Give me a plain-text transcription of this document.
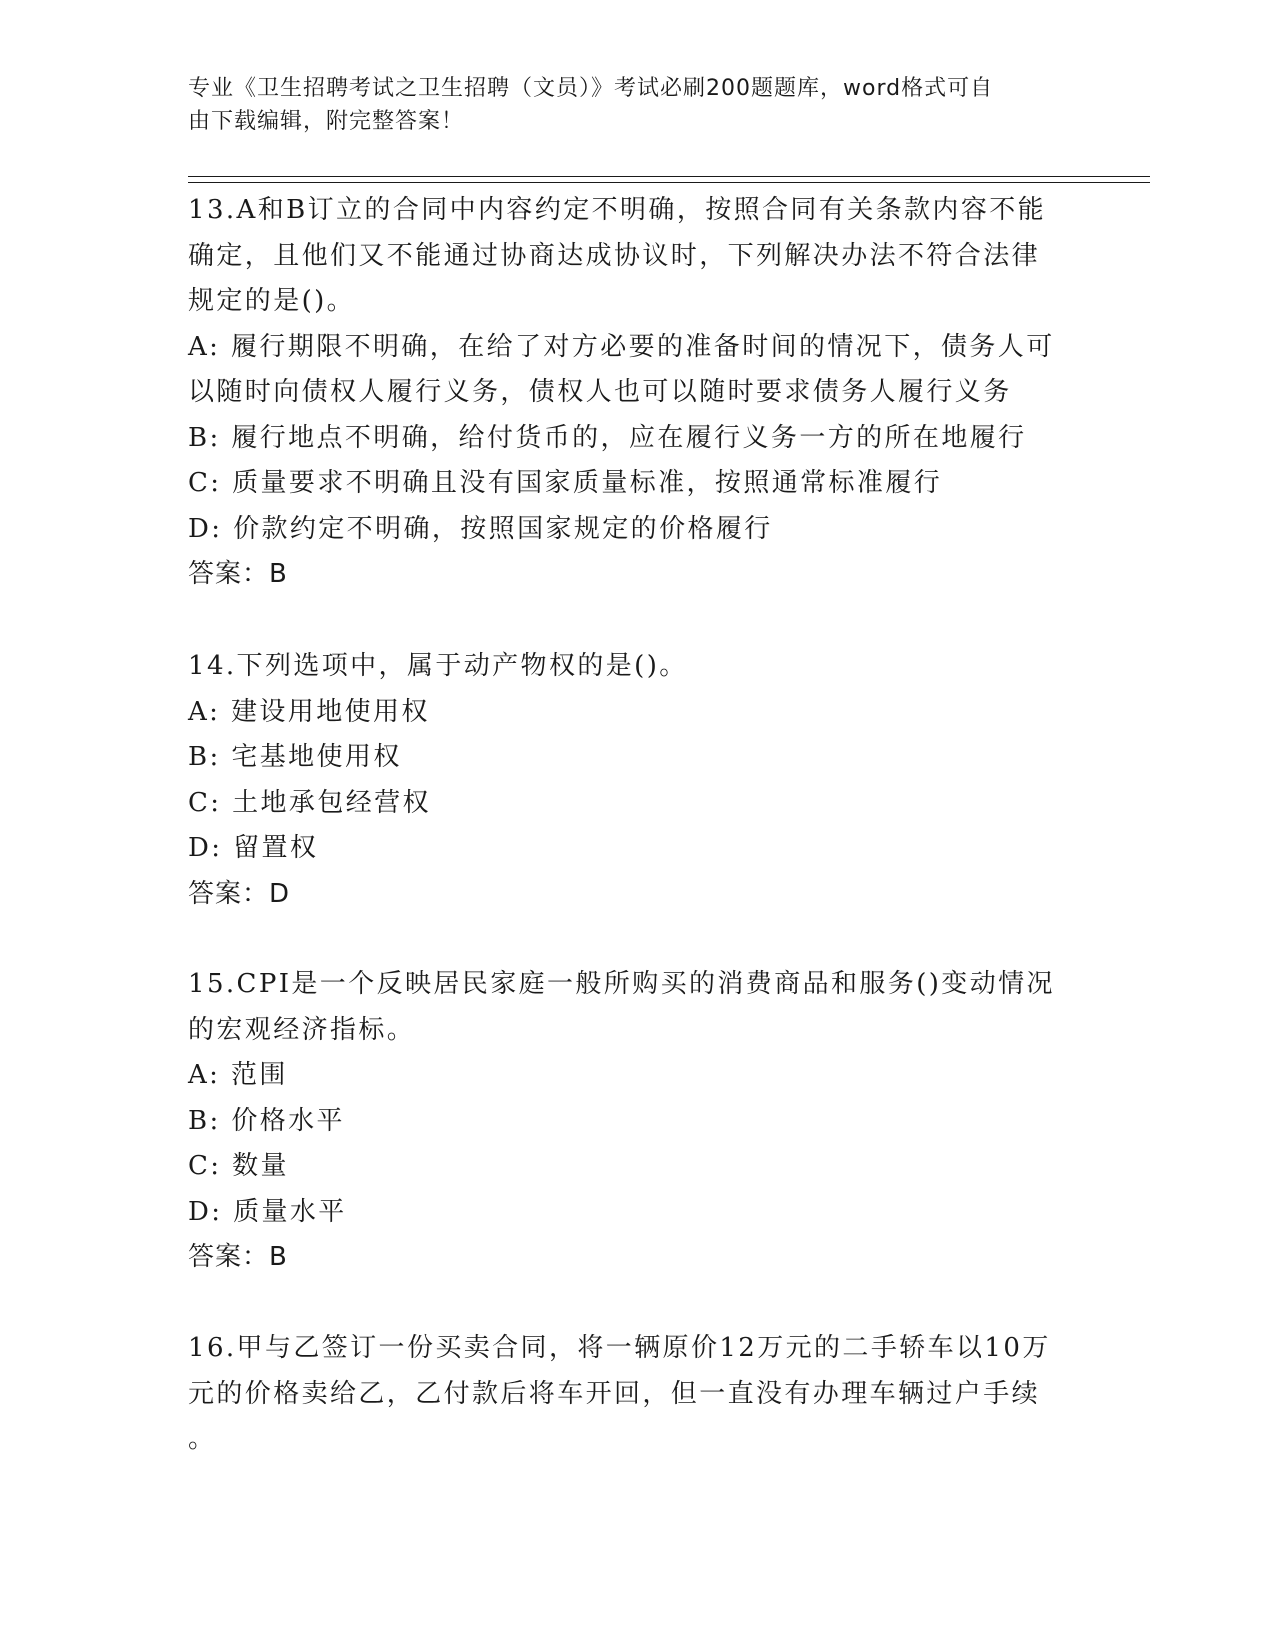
专业《卫生招聘考试之卫生招聘（文员）》考试必刷200题题库，word格式可自
由下载编辑，附完整答案！
13.A和B订立的合同中内容约定不明确，按照合同有关条款内容不能
确定，且他们又不能通过协商达成协议时，下列解决办法不符合法律
规定的是()。
A: 履行期限不明确，在给了对方必要的准备时间的情况下，债务人可
以随时向债权人履行义务，债权人也可以随时要求债务人履行义务
B: 履行地点不明确，给付货币的，应在履行义务一方的所在地履行
C: 质量要求不明确且没有国家质量标准，按照通常标准履行
D: 价款约定不明确，按照国家规定的价格履行
答案：B
14.下列选项中，属于动产物权的是()。
A: 建设用地使用权
B: 宅基地使用权
C: 土地承包经营权
D: 留置权
答案：D
15.CPI是一个反映居民家庭一般所购买的消费商品和服务()变动情况
的宏观经济指标。
A: 范围
B: 价格水平
C: 数量
D: 质量水平
答案：B
16.甲与乙签订一份买卖合同，将一辆原价12万元的二手轿车以10万
元的价格卖给乙，乙付款后将车开回，但一直没有办理车辆过户手续
。
